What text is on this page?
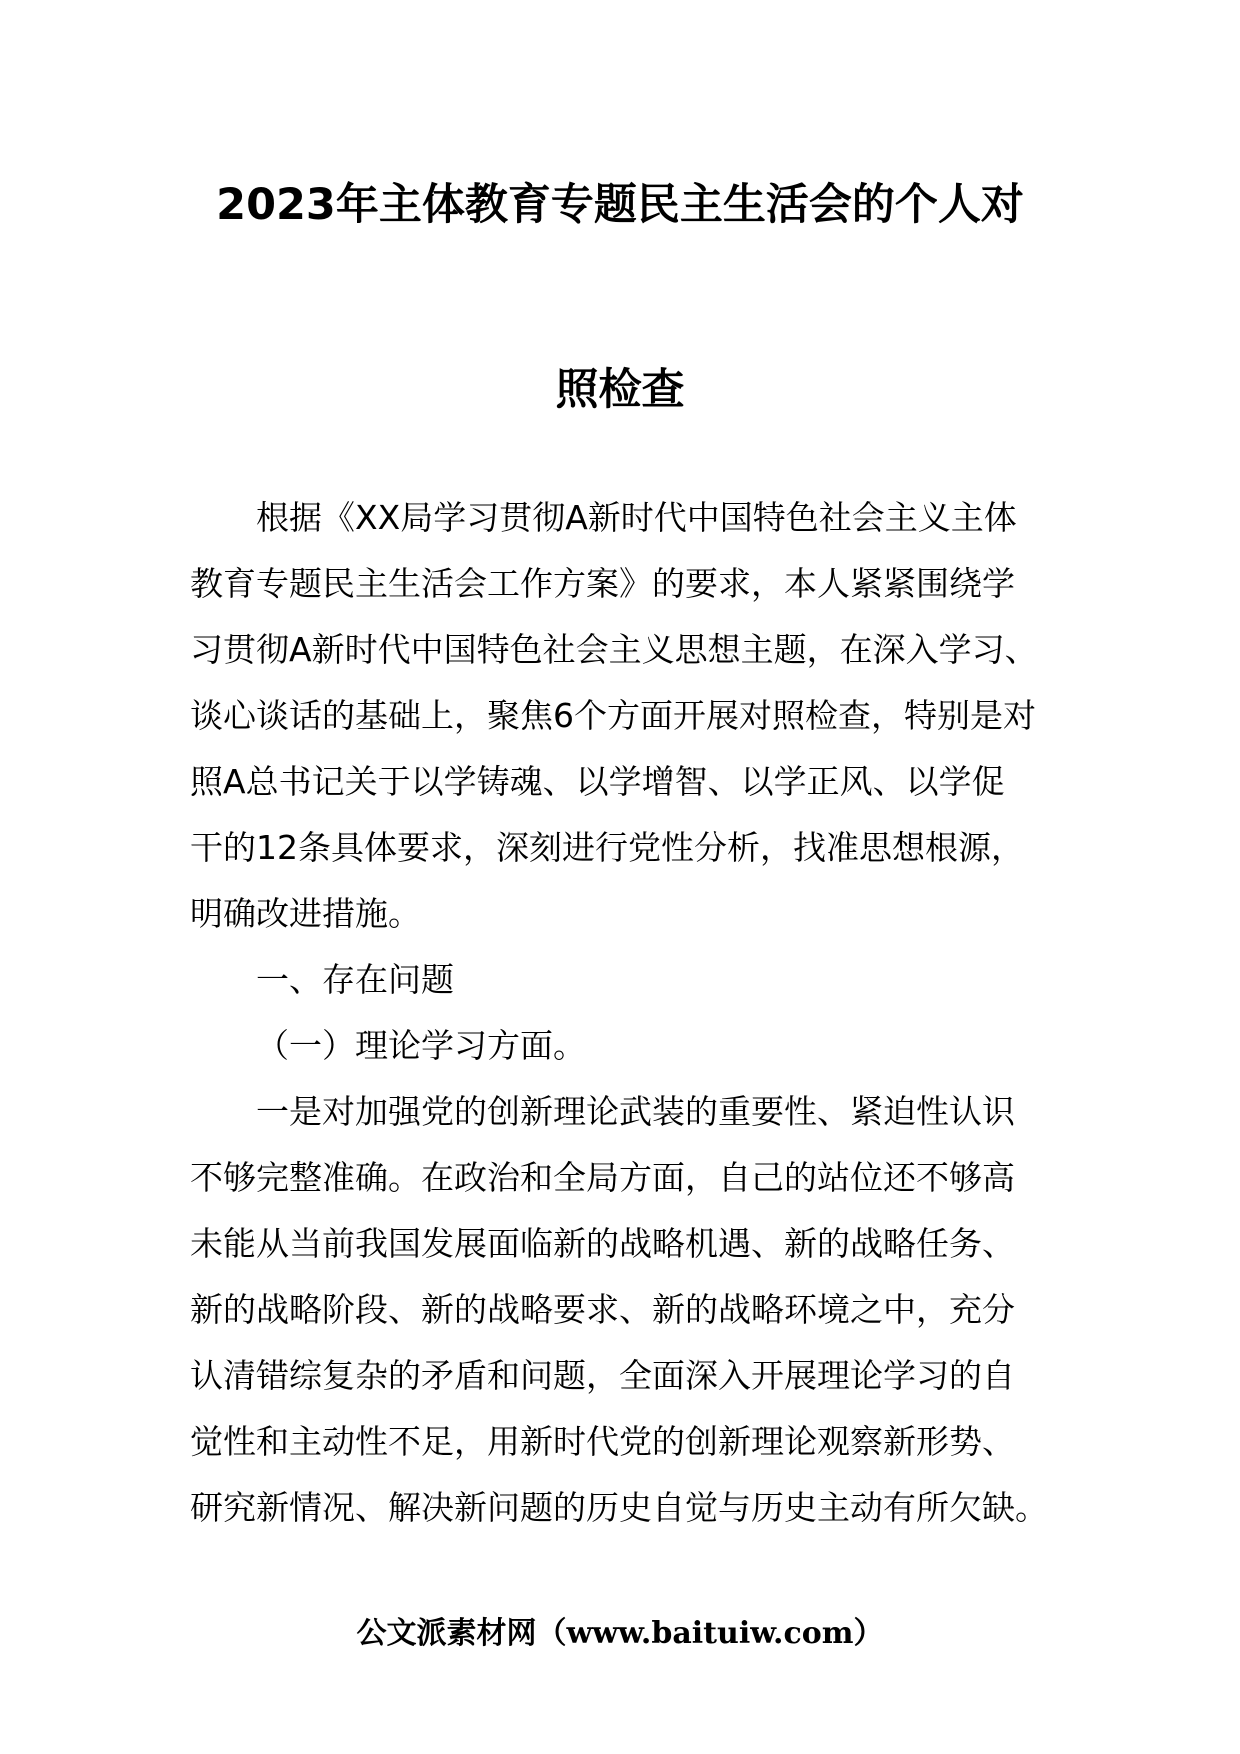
2023年主体教育专题民主生活会的个人对
照检查

根据《XX局学习贯彻A新时代中国特色社会主义主体

教育专题民主生活会工作方案》的要求，本人紧紧围绕学

习贯彻A新时代中国特色社会主义思想主题，在深入学习、

谈心谈话的基础上，聚焦6个方面开展对照检查，特别是对

照A总书记关于以学铸魂、以学增智、以学正风、以学促

干的12条具体要求，深刻进行党性分析，找准思想根源，

明确改进措施。

一、存在问题

（一）理论学习方面。

一是对加强党的创新理论武装的重要性、紧迫性认识

不够完整准确。在政治和全局方面，自己的站位还不够高

未能从当前我国发展面临新的战略机遇、新的战略任务、

新的战略阶段、新的战略要求、新的战略环境之中，充分

认清错综复杂的矛盾和问题，全面深入开展理论学习的自

觉性和主动性不足，用新时代党的创新理论观察新形势、

研究新情况、解决新问题的历史自觉与历史主动有所欠缺。

公文派素材网（www.baituiw.com）
